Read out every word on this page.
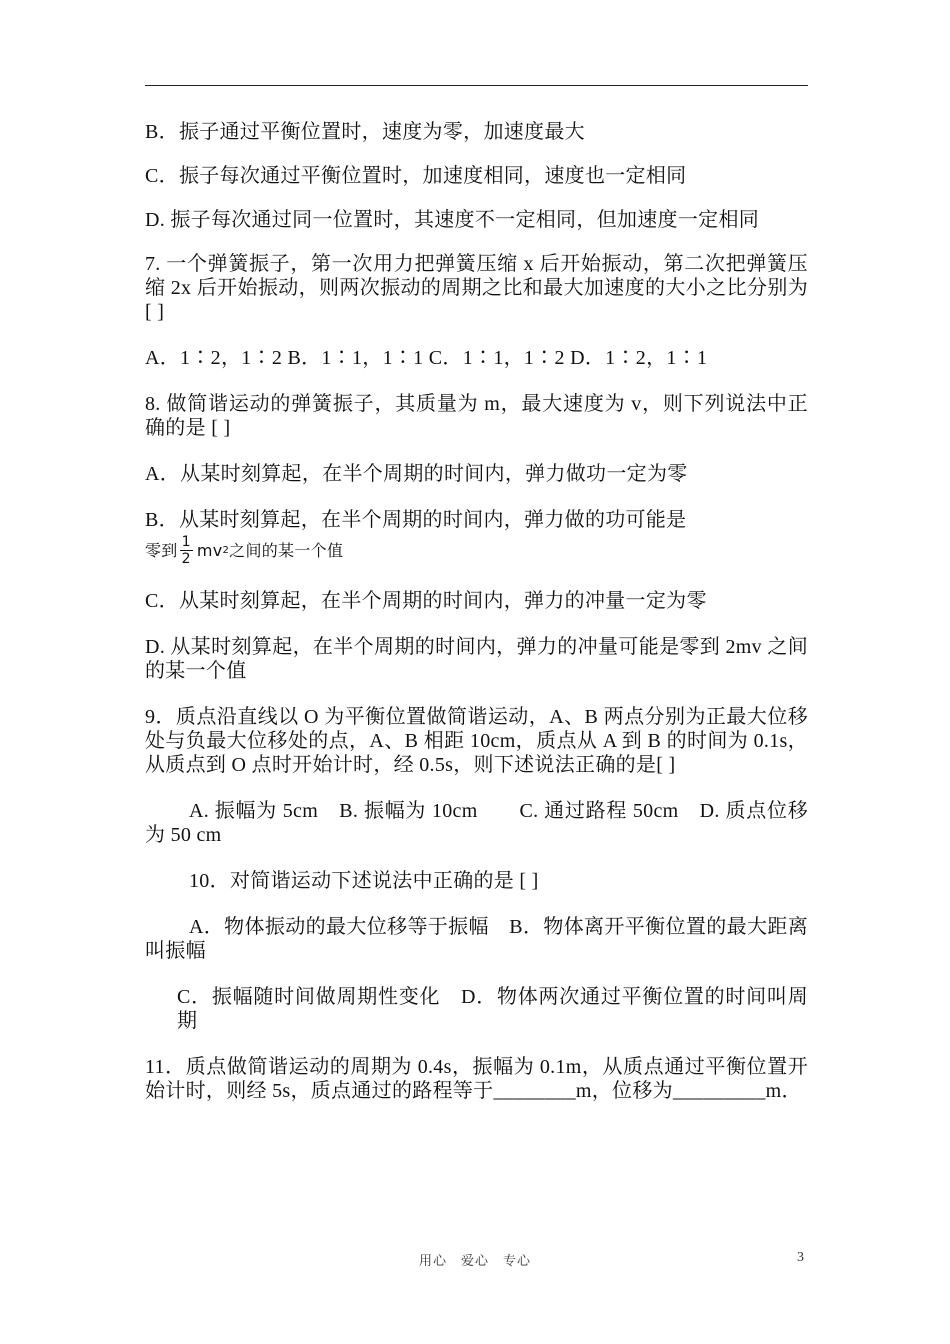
B．振子通过平衡位置时，速度为零，加速度最大

C．振子每次通过平衡位置时，加速度相同，速度也一定相同

D. 振子每次通过同一位置时，其速度不一定相同，但加速度一定相同

7. 一个弹簧振子，第一次用力把弹簧压缩 x 后开始振动，第二次把弹簧压缩 2x 后开始振动，则两次振动的周期之比和最大加速度的大小之比分别为 [ ]

A．1∶2，1∶2 B．1∶1，1∶1 C．1∶1，1∶2 D．1∶2，1∶1

8. 做简谐运动的弹簧振子，其质量为 m，最大速度为 v，则下列说法中正确的是 [ ]

A．从某时刻算起，在半个周期的时间内，弹力做功一定为零

B．从某时刻算起，在半个周期的时间内，弹力做的功可能是
零到 $\frac{1}{2}$ mv 2 之间的某一个值

C．从某时刻算起，在半个周期的时间内，弹力的冲量一定为零

D. 从某时刻算起，在半个周期的时间内，弹力的冲量可能是零到 2mv 之间的某一个值

9．质点沿直线以 O 为平衡位置做简谐运动，A、B 两点分别为正最大位移处与负最大位移处的点，A、B 相距 10cm，质点从 A 到 B 的时间为 0.1s，从质点到 O 点时开始计时，经 0.5s，则下述说法正确的是[ ]

A. 振幅为 5cm　B. 振幅为 10cm　　C. 通过路程 50cm　D. 质点位移为 50 cm

10．对简谐运动下述说法中正确的是 [ ]

A．物体振动的最大位移等于振幅　B．物体离开平衡位置的最大距离叫振幅

C．振幅随时间做周期性变化　D．物体两次通过平衡位置的时间叫周期

11．质点做简谐运动的周期为 0.4s，振幅为 0.1m，从质点通过平衡位置开始计时，则经 5s，质点通过的路程等于________m，位移为_________m．

用心　爱心　专心	3
